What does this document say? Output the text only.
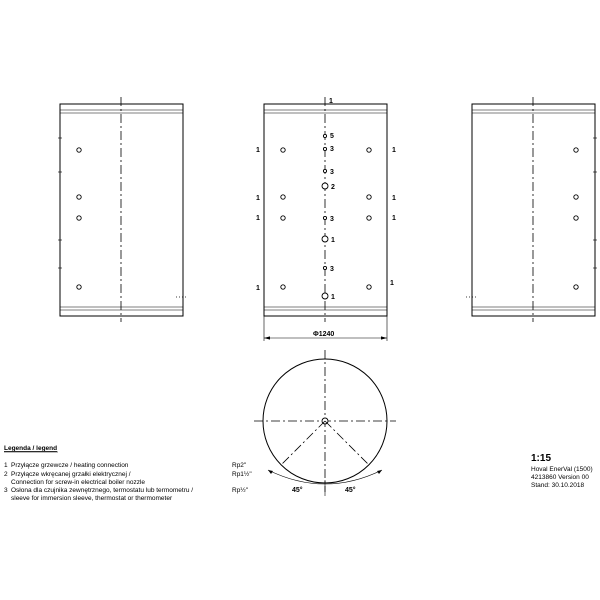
1
5
3
3
2
3
1
3
1
1
1
1
1
1
1
1
1
Φ1240
45°	45°
Legenda / legend
1 Przyłącze grzewcze / heating connection	Rp2"
2 Przyłącze wkręcanej grzałki elektrycznej /	Rp1½"
Connection for screw-in electrical boiler nozzle
3 Osłona dla czujnika zewnętrznego, termostatu lub termometru /	Rp½"
sleeve for immersion sleeve, thermostat or thermometer
1:15
Hoval EnerVal (1500)
4213860 Version 00
Stand: 30.10.2018
